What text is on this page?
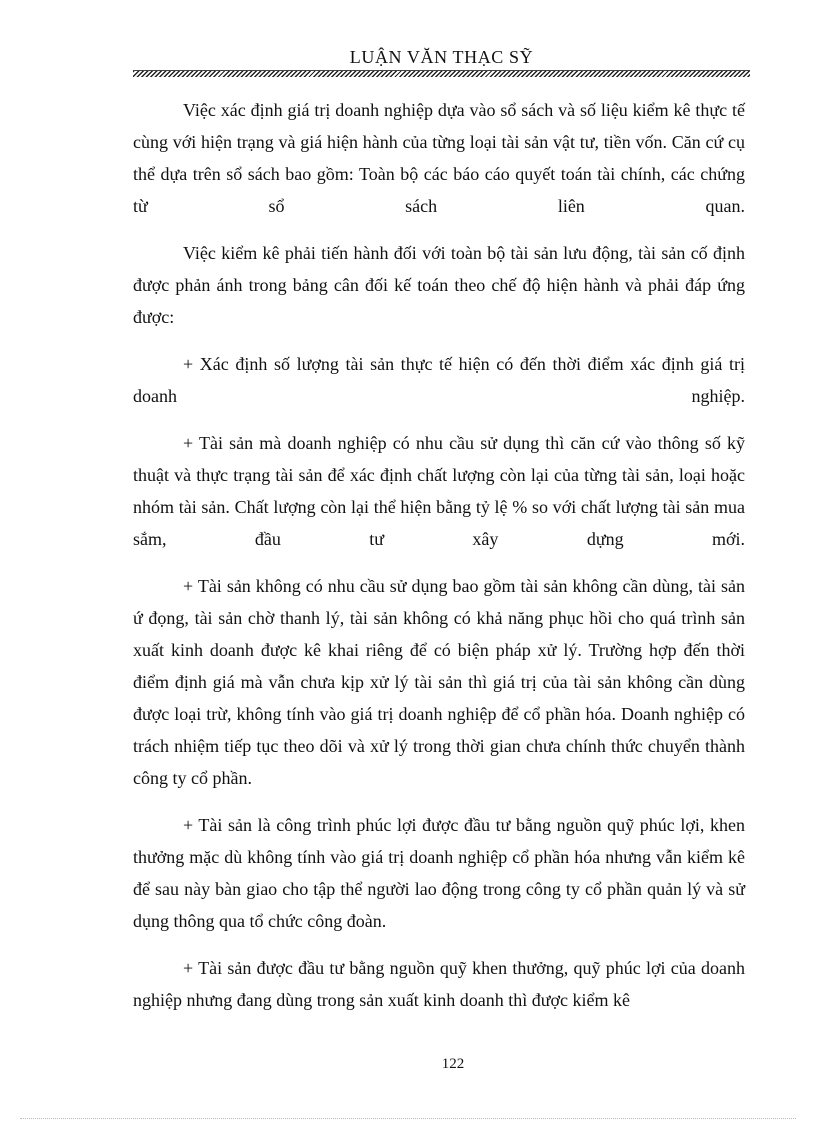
LUẬN VĂN THẠC SỸ

Việc xác định giá trị doanh nghiệp dựa vào sổ sách và số liệu kiểm kê thực tế cùng với hiện trạng và giá hiện hành của từng loại tài sản vật tư, tiền vốn. Căn cứ cụ thể dựa trên sổ sách bao gồm: Toàn bộ các báo cáo quyết toán tài chính, các chứng từ sổ sách liên quan.

Việc kiểm kê phải tiến hành đối với toàn bộ tài sản lưu động, tài sản cố định được phản ánh trong bảng cân đối kế toán theo chế độ hiện hành và phải đáp ứng được:

+ Xác định số lượng tài sản thực tế hiện có đến thời điểm xác định giá trị doanh nghiệp.

+ Tài sản mà doanh nghiệp có nhu cầu sử dụng thì căn cứ vào thông số kỹ thuật và thực trạng tài sản để xác định chất lượng còn lại của từng tài sản, loại hoặc nhóm tài sản. Chất lượng còn lại thể hiện bằng tỷ lệ % so với chất lượng tài sản mua sắm, đầu tư xây dựng mới.

+ Tài sản không có nhu cầu sử dụng bao gồm tài sản không cần dùng, tài sản ứ đọng, tài sản chờ thanh lý, tài sản không có khả năng phục hồi cho quá trình sản xuất kinh doanh được kê khai riêng để có biện pháp xử lý. Trường hợp đến thời điểm định giá mà vẫn chưa kịp xử lý tài sản thì giá trị của tài sản không cần dùng được loại trừ, không tính vào giá trị doanh nghiệp để cổ phần hóa. Doanh nghiệp có trách nhiệm tiếp tục theo dõi và xử lý trong thời gian chưa chính thức chuyển thành công ty cổ phần.

+ Tài sản là công trình phúc lợi được đầu tư bằng nguồn quỹ phúc lợi, khen thưởng mặc dù không tính vào giá trị doanh nghiệp cổ phần hóa nhưng vẫn kiểm kê để sau này bàn giao cho tập thể người lao động trong công ty cổ phần quản lý và sử dụng thông qua tổ chức công đoàn.

+ Tài sản được đầu tư bằng nguồn quỹ khen thưởng, quỹ phúc lợi của doanh nghiệp nhưng đang dùng trong sản xuất kinh doanh thì được kiểm kê

122
